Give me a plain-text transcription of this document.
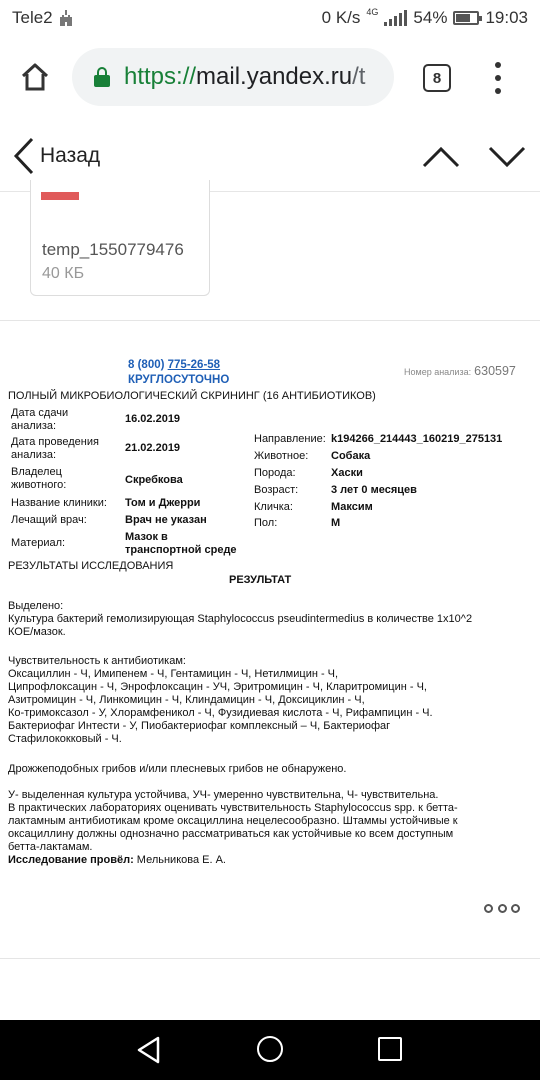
Tele2	0 K/s 4G 54% 19:03
https://mail.yandex.ru/t	8
Назад
temp_1550779476
40 КБ
8 (800) 775-26-58
КРУГЛОСУТОЧНО
Номер анализа: 630597
ПОЛНЫЙ МИКРОБИОЛОГИЧЕСКИЙ СКРИНИНГ (16 АНТИБИОТИКОВ)
Дата сдачи
анализа:
16.02.2019
Дата проведения
анализа:
21.02.2019
Владелец
животного:	Скребкова
Название клиники: Том и Джерри
Лечащий врач:	Врач не указан
Материал:	Мазок в
транспортной среде
Направление: k194266_214443_160219_275131
Животное: Собака
Порода:	Хаски
Возраст:	3 лет 0 месяцев
Кличка:	Максим
Пол:	М
РЕЗУЛЬТАТЫ ИССЛЕДОВАНИЯ
РЕЗУЛЬТАТ

Выделено:

Культура бактерий гемолизирующая Staphylococcus pseudintermedius в количестве 1х10^2

КОЕ/мазок.

Чувствительность к антибиотикам:

Оксациллин - Ч, Имипенем - Ч, Гентамицин - Ч, Нетилмицин - Ч,

Ципрофлоксацин - Ч, Энрофлоксацин - УЧ, Эритромицин - Ч, Кларитромицин - Ч,

Азитромицин - Ч, Линкомицин - Ч, Клиндамицин - Ч, Доксициклин - Ч,

Ко-тримоксазол - У, Хлорамфеникол - Ч, Фузидиевая кислота - Ч, Рифампицин - Ч.

Бактериофаг Интести - У, Пиобактериофаг комплексный – Ч, Бактериофаг

Стафилококковый - Ч.

Дрожжеподобных грибов и/или плесневых грибов не обнаружено.

У- выделенная культура устойчива, УЧ- умеренно чувствительна, Ч- чувствительна.

В практических лабораториях оценивать чувствительность Staphylococcus spp. к бетта-

лактамным антибиотикам кроме оксациллина нецелесообразно. Штаммы устойчивые к

оксациллину должны однозначно рассматриваться как устойчивые ко всем доступным

бетта-лактамам.

Исследование провёл: Мельникова Е. А.
